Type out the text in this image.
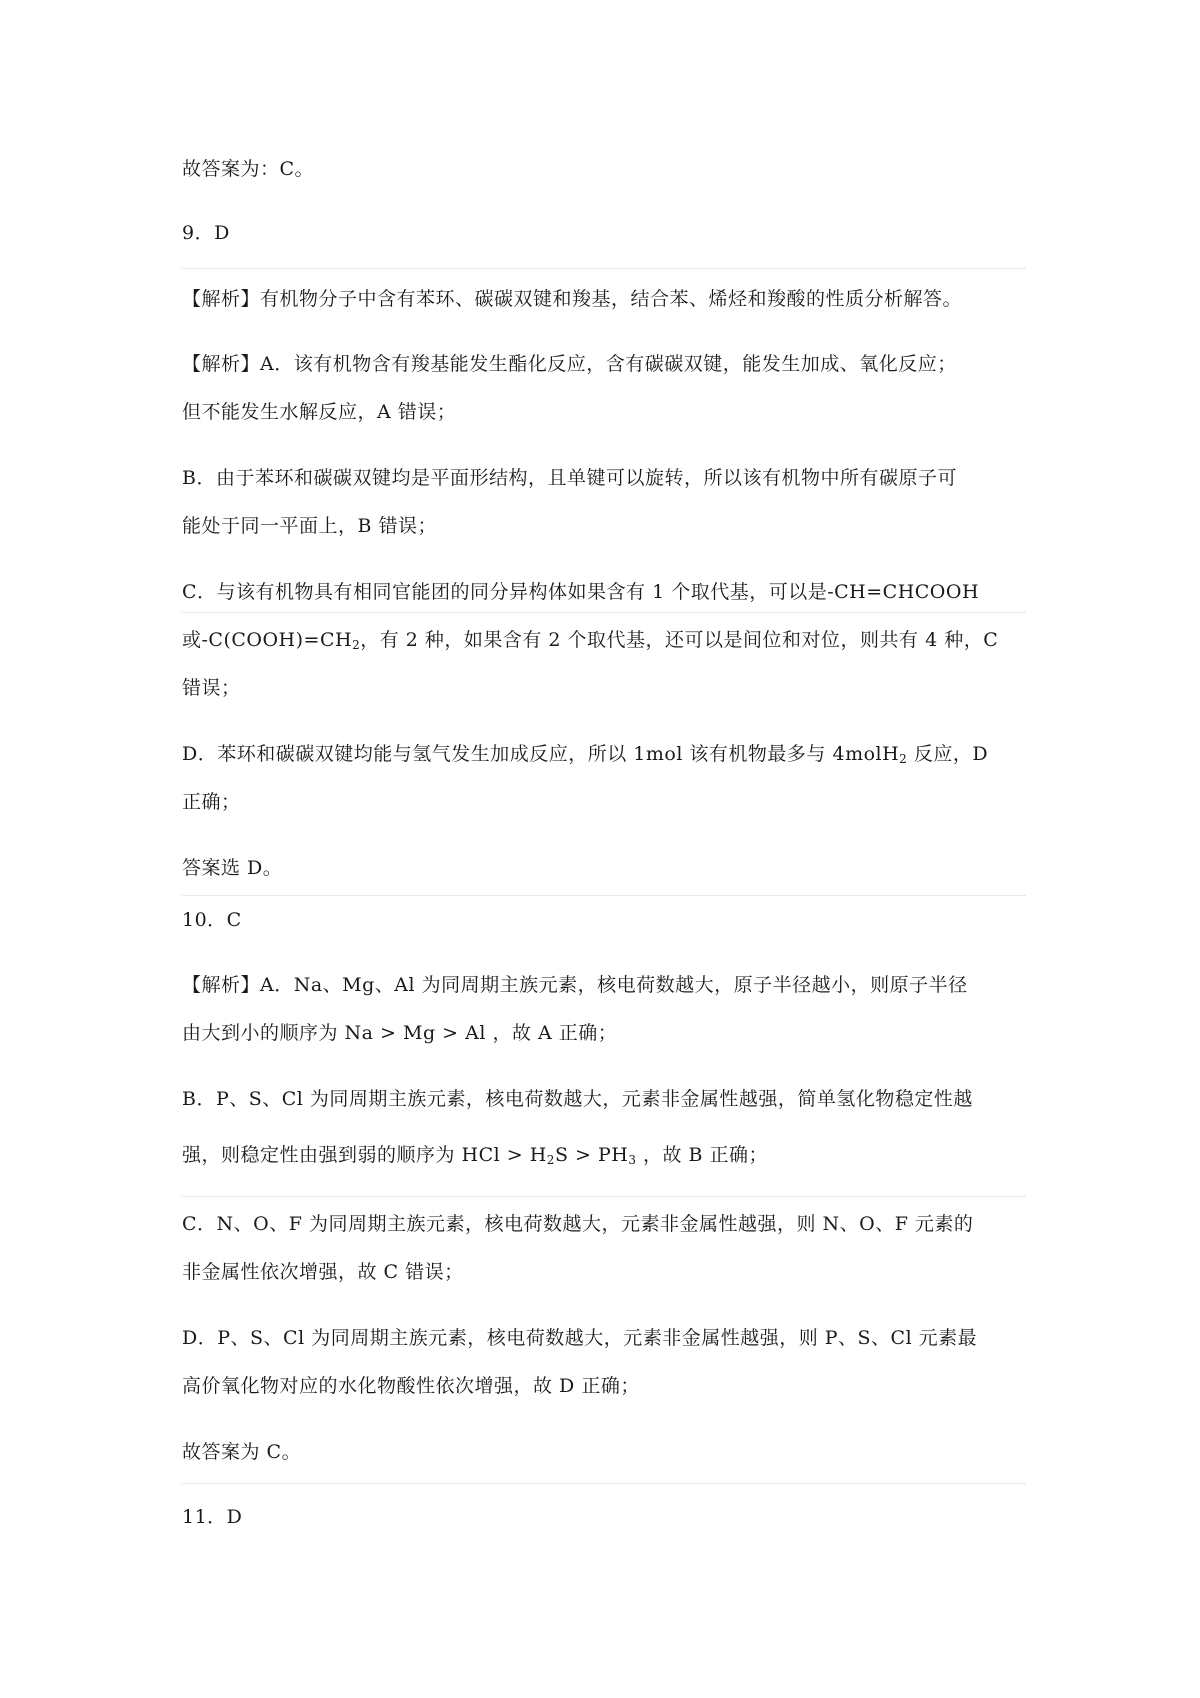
故答案为：C。
9．D
【解析】有机物分子中含有苯环、碳碳双键和羧基，结合苯、烯烃和羧酸的性质分析解答。
【解析】A．该有机物含有羧基能发生酯化反应，含有碳碳双键，能发生加成、氧化反应；
但不能发生水解反应，A 错误；
B．由于苯环和碳碳双键均是平面形结构，且单键可以旋转，所以该有机物中所有碳原子可
能处于同一平面上，B 错误；
C．与该有机物具有相同官能团的同分异构体如果含有 1 个取代基，可以是-CH=CHCOOH
或$-C(COOH)=CH_2$，有 2 种，如果含有 2 个取代基，还可以是间位和对位，则共有 4 种，C
错误；
D．苯环和碳碳双键均能与氢气发生加成反应，所以 1mol 该有机物最多与 4molH$_2$ 反应，D
正确；
答案选 D。
10．C
【解析】A．Na、Mg、Al 为同周期主族元素，核电荷数越大，原子半径越小，则原子半径
由大到小的顺序为 Na > Mg > Al ，故 A 正确；
B．P、S、Cl 为同周期主族元素，核电荷数越大，元素非金属性越强，简单氢化物稳定性越
强，则稳定性由强到弱的顺序为 HCl > $H_2S > PH_3$ ，故 B 正确；
C．N、O、F 为同周期主族元素，核电荷数越大，元素非金属性越强，则 N、O、F 元素的
非金属性依次增强，故 C 错误；
D．P、S、Cl 为同周期主族元素，核电荷数越大，元素非金属性越强，则 P、S、Cl 元素最
高价氧化物对应的水化物酸性依次增强，故 D 正确；
故答案为 C。
11．D
